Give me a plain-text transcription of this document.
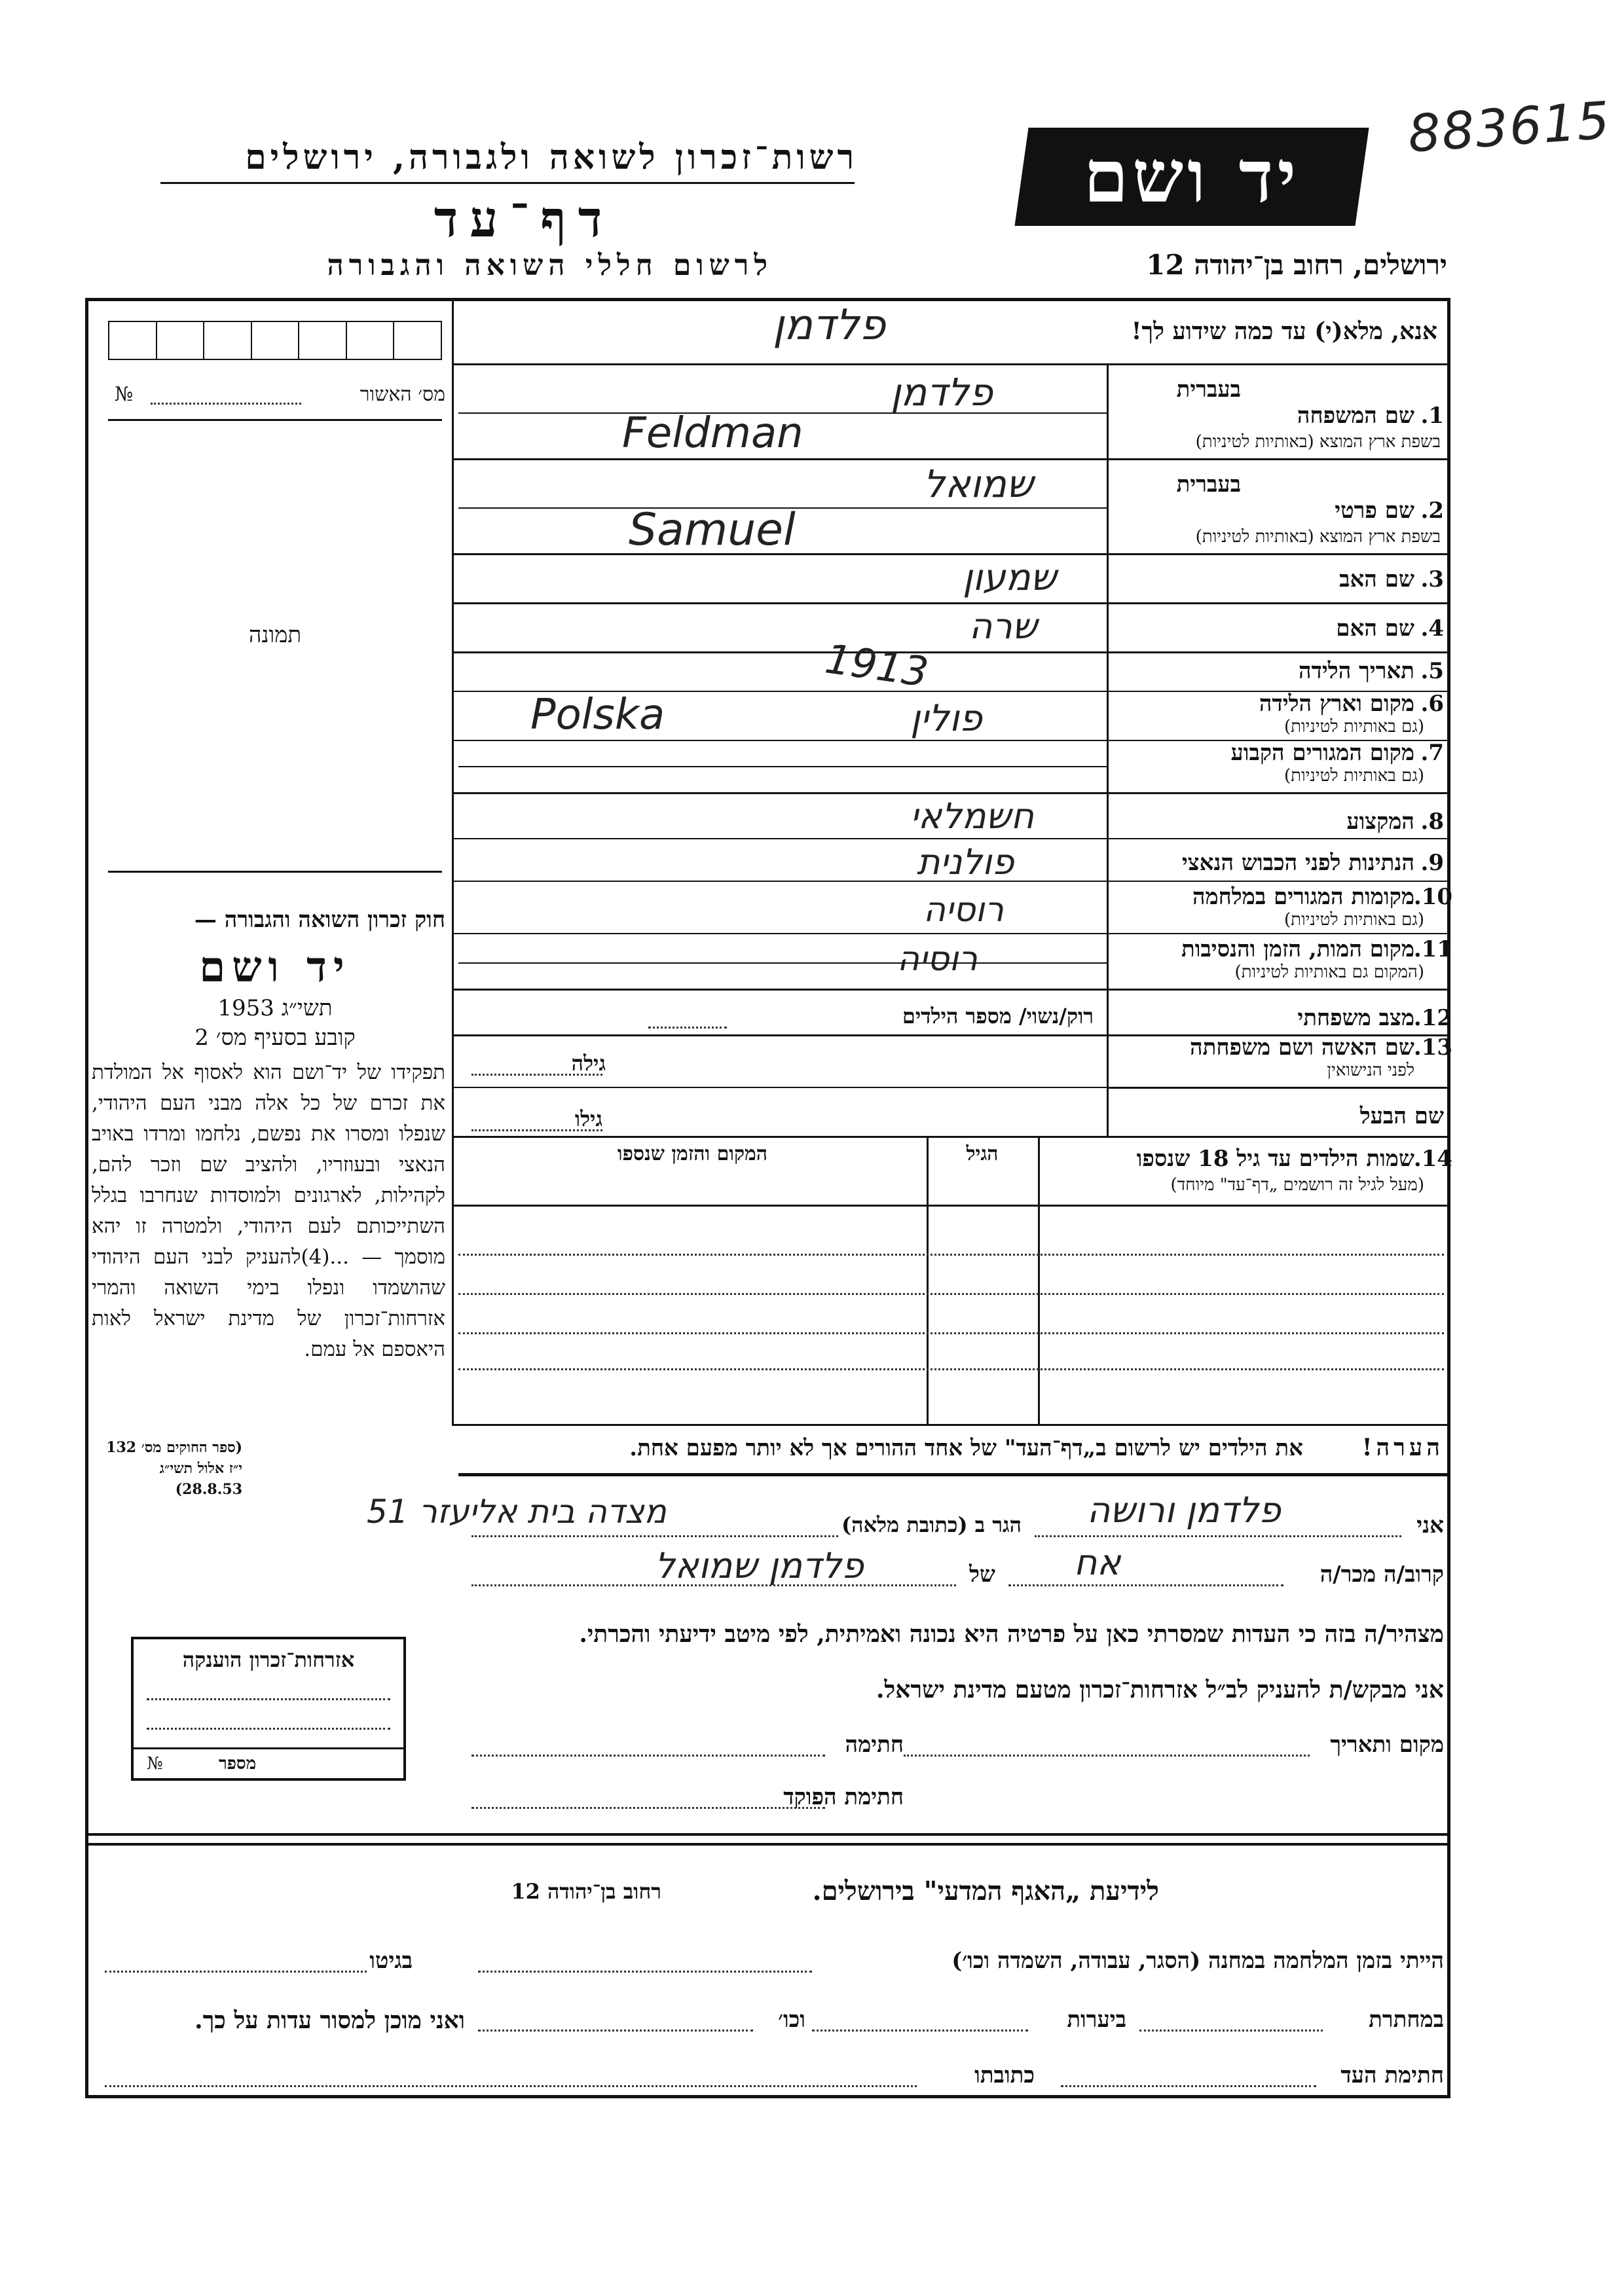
883615
יד ושם
רשות־זכרון לשואה ולגבורה, ירושלים
דף־עד
לרשום חללי השואה והגבורה	ירושלים, רחוב בן־יהודה 12
מס׳ האשור
№
תמונה
חוק זכרון השואה והגבורה —
יד ושם
תשי״ג 1953
קובע בסעיף מס׳ 2
תפקידו של יד־ושם הוא לאסוף אל המולדת את זכרם של כל אלה מבני העם היהודי, שנפלו ומסרו את נפשם, נלחמו ומרדו באויב הנאצי ובעוזריו, ולהציב שם וזכר להם, לקהילות, לארגונים ולמוסדות שנחרבו בגלל השתייכותם לעם היהודי, ולמטרה זו יהא מוסמך — ...(4)להעניק לבני העם היהודי שהושמדו ונפלו בימי השואה והמרי אזרחות־זכרון של מדינת ישראל לאות היאספם אל עמם.
(ספר החוקים מס׳ 132 י״ז אלול תשי״ג 28.8.53)
אנא, מלא(י) עד כמה שידוע לך!
פלדמן
בעברית
1.
שם המשפחה
בשפת ארץ המוצא (באותיות לטיניות)
פלדמן
Feldman
בעברית
2.
שם פרטי
בשפת ארץ המוצא (באותיות לטיניות)
שמואל
Samuel
3.
שם האב
שמעון
4.
שם האם
שרה
5.
תאריך הלידה
1913
6.
מקום וארץ הלידה
(גם באותיות לטיניות)
פולין
Polska
7.
מקום המגורים הקבוע
(גם באותיות לטיניות)
8.
המקצוע
חשמלאי
9.
הנתינות לפני הכבוש הנאצי
פולנית
10.
מקומות המגורים במלחמה
(גם באותיות לטיניות)
רוסיה
11.
מקום המות, הזמן והנסיבות
(המקום גם באותיות לטיניות)
רוסיה
12.
מצב משפחתי
רוק/נשוי/ מספר הילדים
13.
שם האשה ושם משפחתה
לפני הנישואין
גילה
שם הבעל
גילו
14.
שמות הילדים עד גיל 18 שנספו
(מעל לגיל זה רושמים „דף־עד" מיוחד)
הגיל
המקום והזמן שנספו
הערה!
את הילדים יש לרשום ב„דף־העד" של אחד ההורים אך לא יותר מפעם אחת.
אני
פלדמן ורושה
הגר ב (כתובת מלאה)
מצדה בית אליעזר 51
קרוב/ה מכר/ה
אח
של
פלדמן שמואל
מצהיר/ה בזה כי העדות שמסרתי כאן על פרטיה היא נכונה ואמיתית, לפי מיטב ידיעתי והכרתי.
אני מבקש/ת להעניק לב״ל אזרחות־זכרון מטעם מדינת ישראל.
מקום ותאריך
חתימה
חתימת הפוקד
אזרחות־זכרון הוענקה
מספר
№
לידיעת „האגף המדעי" בירושלים.
רחוב בן־יהודה 12
הייתי בזמן המלחמה במחנה (הסגר, עבודה, השמדה וכו׳)
בגיטו
במחתרת
ביערות
וכו׳
ואני מוכן למסור עדות על כך.
חתימת העד
כתובתו
